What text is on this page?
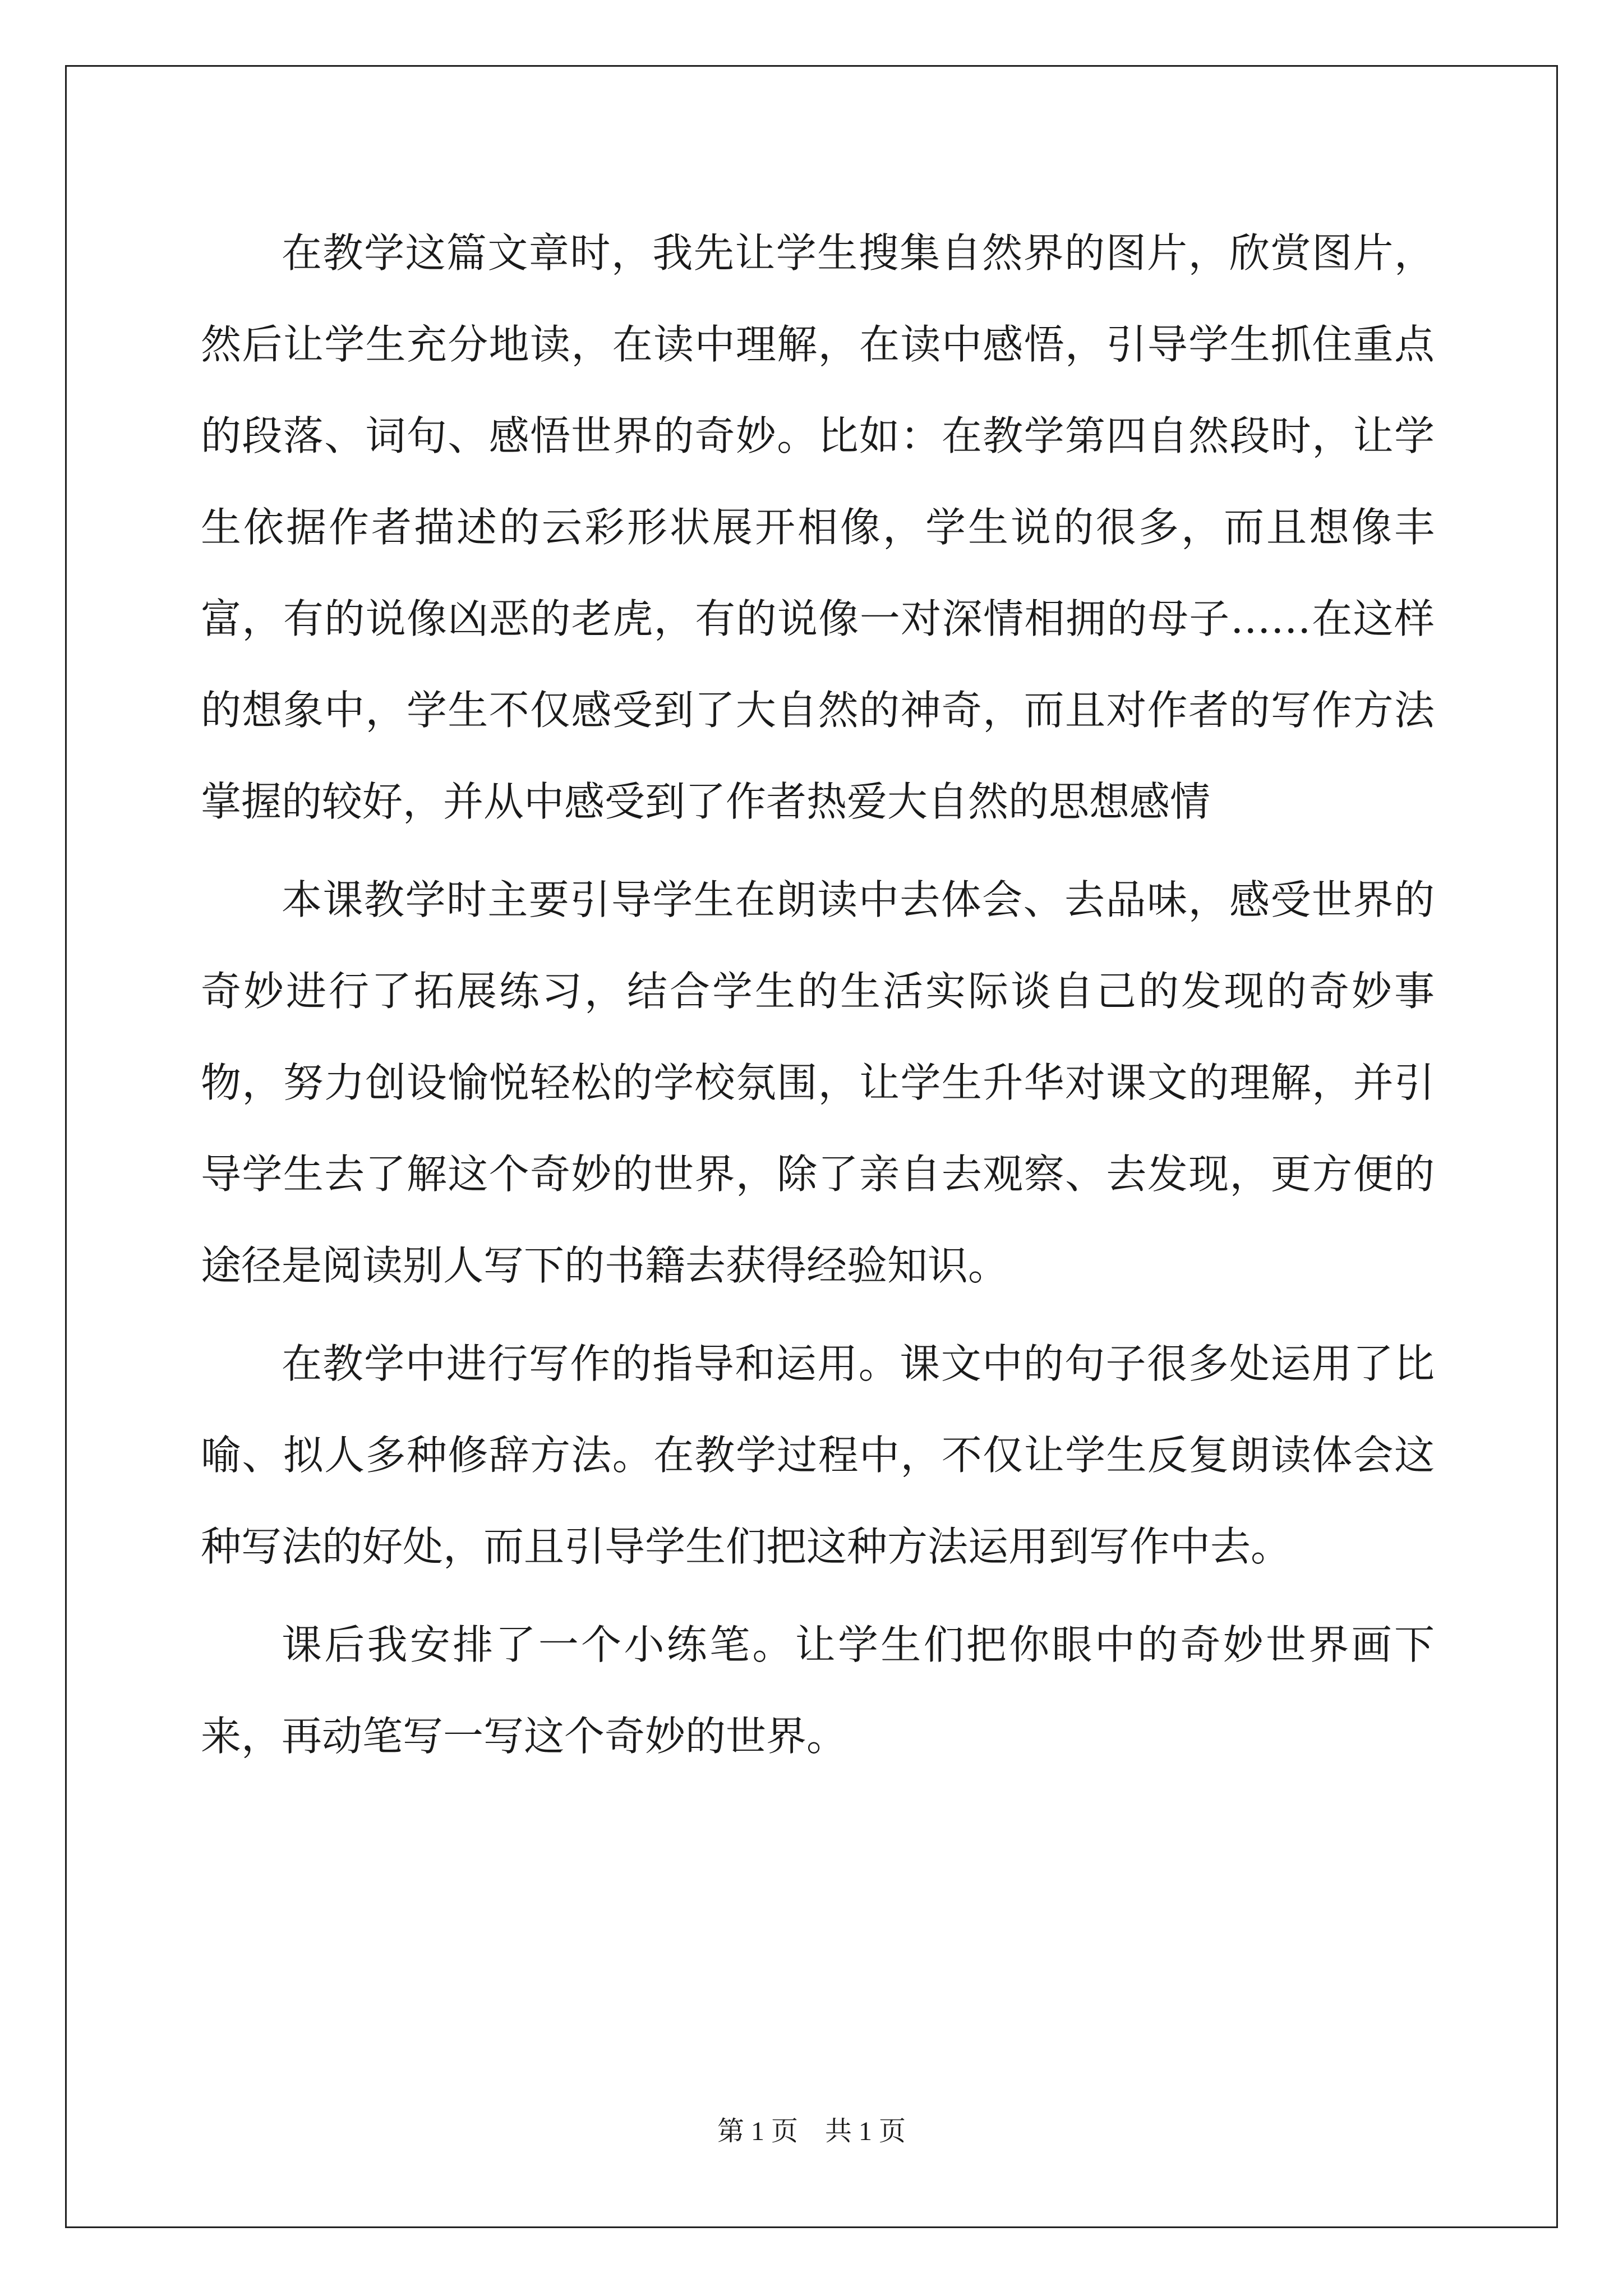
在教学这篇文章时，我先让学生搜集自然界的图片，欣赏图片，然后让学生充分地读，在读中理解，在读中感悟，引导学生抓住重点的段落、词句、感悟世界的奇妙。比如：在教学第四自然段时，让学生依据作者描述的云彩形状展开相像，学生说的很多，而且想像丰富，有的说像凶恶的老虎，有的说像一对深情相拥的母子……在这样的想象中，学生不仅感受到了大自然的神奇，而且对作者的写作方法掌握的较好，并从中感受到了作者热爱大自然的思想感情

本课教学时主要引导学生在朗读中去体会、去品味，感受世界的奇妙进行了拓展练习，结合学生的生活实际谈自己的发现的奇妙事物，努力创设愉悦轻松的学校氛围，让学生升华对课文的理解，并引导学生去了解这个奇妙的世界，除了亲自去观察、去发现，更方便的途径是阅读别人写下的书籍去获得经验知识。

在教学中进行写作的指导和运用。课文中的句子很多处运用了比喻、拟人多种修辞方法。在教学过程中，不仅让学生反复朗读体会这种写法的好处，而且引导学生们把这种方法运用到写作中去。

课后我安排了一个小练笔。让学生们把你眼中的奇妙世界画下来，再动笔写一写这个奇妙的世界。

第 1 页　共 1 页
